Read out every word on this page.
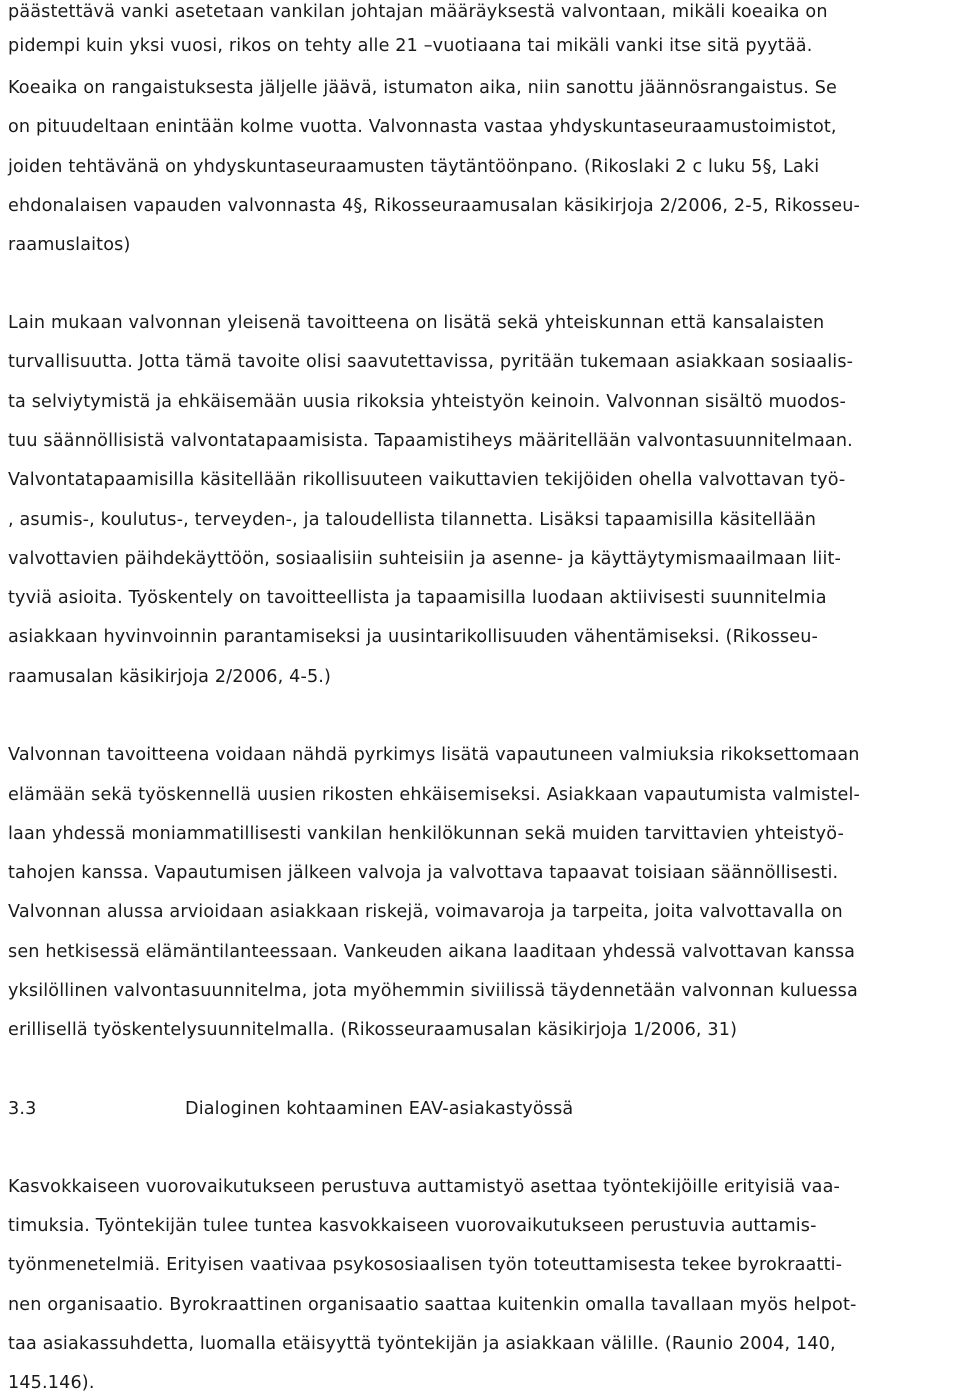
päästettävä vanki asetetaan vankilan johtajan määräyksestä valvontaan, mikäli koeaika on
pidempi kuin yksi vuosi, rikos on tehty alle 21 –vuotiaana tai mikäli vanki itse sitä pyytää.
Koeaika on rangaistuksesta jäljelle jäävä, istumaton aika, niin sanottu jäännösrangaistus. Se
on pituudeltaan enintään kolme vuotta. Valvonnasta vastaa yhdyskuntaseuraamustoimistot,
joiden tehtävänä on yhdyskuntaseuraamusten täytäntöönpano. (Rikoslaki 2 c luku 5§, Laki
ehdonalaisen vapauden valvonnasta 4§, Rikosseuraamusalan käsikirjoja 2/2006, 2-5, Rikosseu-
raamuslaitos)
Lain mukaan valvonnan yleisenä tavoitteena on lisätä sekä yhteiskunnan että kansalaisten
turvallisuutta. Jotta tämä tavoite olisi saavutettavissa, pyritään tukemaan asiakkaan sosiaalis-
ta selviytymistä ja ehkäisemään uusia rikoksia yhteistyön keinoin. Valvonnan sisältö muodos-
tuu säännöllisistä valvontatapaamisista. Tapaamistiheys määritellään valvontasuunnitelmaan.
Valvontatapaamisilla käsitellään rikollisuuteen vaikuttavien tekijöiden ohella valvottavan työ-
, asumis-, koulutus-, terveyden-, ja taloudellista tilannetta. Lisäksi tapaamisilla käsitellään
valvottavien päihdekäyttöön, sosiaalisiin suhteisiin ja asenne- ja käyttäytymismaailmaan liit-
tyviä asioita. Työskentely on tavoitteellista ja tapaamisilla luodaan aktiivisesti suunnitelmia
asiakkaan hyvinvoinnin parantamiseksi ja uusintarikollisuuden vähentämiseksi. (Rikosseu-
raamusalan käsikirjoja 2/2006, 4-5.)
Valvonnan tavoitteena voidaan nähdä pyrkimys lisätä vapautuneen valmiuksia rikoksettomaan
elämään sekä työskennellä uusien rikosten ehkäisemiseksi. Asiakkaan vapautumista valmistel-
laan yhdessä moniammatillisesti vankilan henkilökunnan sekä muiden tarvittavien yhteistyö-
tahojen kanssa. Vapautumisen jälkeen valvoja ja valvottava tapaavat toisiaan säännöllisesti.
Valvonnan alussa arvioidaan asiakkaan riskejä, voimavaroja ja tarpeita, joita valvottavalla on
sen hetkisessä elämäntilanteessaan. Vankeuden aikana laaditaan yhdessä valvottavan kanssa
yksilöllinen valvontasuunnitelma, jota myöhemmin siviilissä täydennetään valvonnan kuluessa
erillisellä työskentelysuunnitelmalla. (Rikosseuraamusalan käsikirjoja 1/2006, 31)
3.3	Dialoginen kohtaaminen EAV-asiakastyössä
Kasvokkaiseen vuorovaikutukseen perustuva auttamistyö asettaa työntekijöille erityisiä vaa-
timuksia. Työntekijän tulee tuntea kasvokkaiseen vuorovaikutukseen perustuvia auttamis-
työnmenetelmiä. Erityisen vaativaa psykososiaalisen työn toteuttamisesta tekee byrokraatti-
nen organisaatio. Byrokraattinen organisaatio saattaa kuitenkin omalla tavallaan myös helpot-
taa asiakassuhdetta, luomalla etäisyyttä työntekijän ja asiakkaan välille. (Raunio 2004, 140,
145.146).
